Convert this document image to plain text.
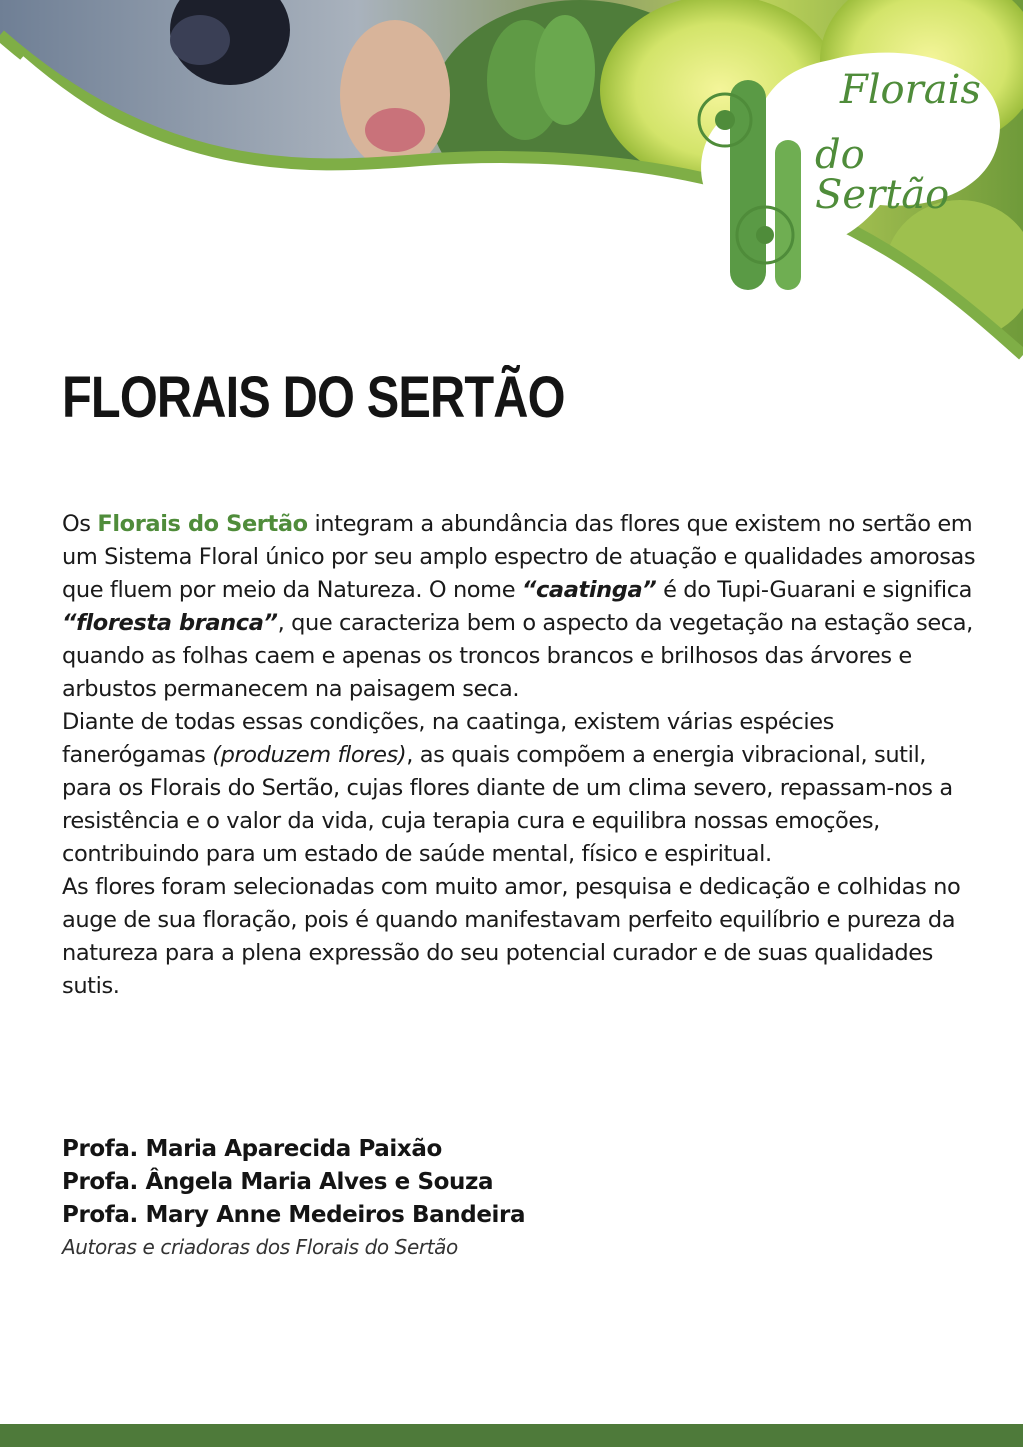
Florais
do Sertão
FLORAIS DO SERTÃO

Os Florais do Sertão integram a abundância das flores que existem no sertão em um Sistema Floral único por seu amplo espectro de atuação e qualidades amorosas que fluem por meio da Natureza. O nome “caatinga” é do Tupi-Guarani e significa “floresta branca”, que caracteriza bem o aspecto da vegetação na estação seca, quando as folhas caem e apenas os troncos brancos e brilhosos das árvores e arbustos permanecem na paisagem seca.

Diante de todas essas condições, na caatinga, existem várias espécies fanerógamas (produzem flores), as quais compõem a energia vibracional, sutil, para os Florais do Sertão, cujas flores diante de um clima severo, repassam-nos a resistência e o valor da vida, cuja terapia cura e equilibra nossas emoções, contribuindo para um estado de saúde mental, físico e espiritual.

As flores foram selecionadas com muito amor, pesquisa e dedicação e colhidas no auge de sua floração, pois é quando manifestavam perfeito equilíbrio e pureza da natureza para a plena expressão do seu potencial curador e de suas qualidades sutis.

Profa. Maria Aparecida Paixão
Profa. Ângela Maria Alves e Souza
Profa. Mary Anne Medeiros Bandeira
Autoras e criadoras dos Florais do Sertão
